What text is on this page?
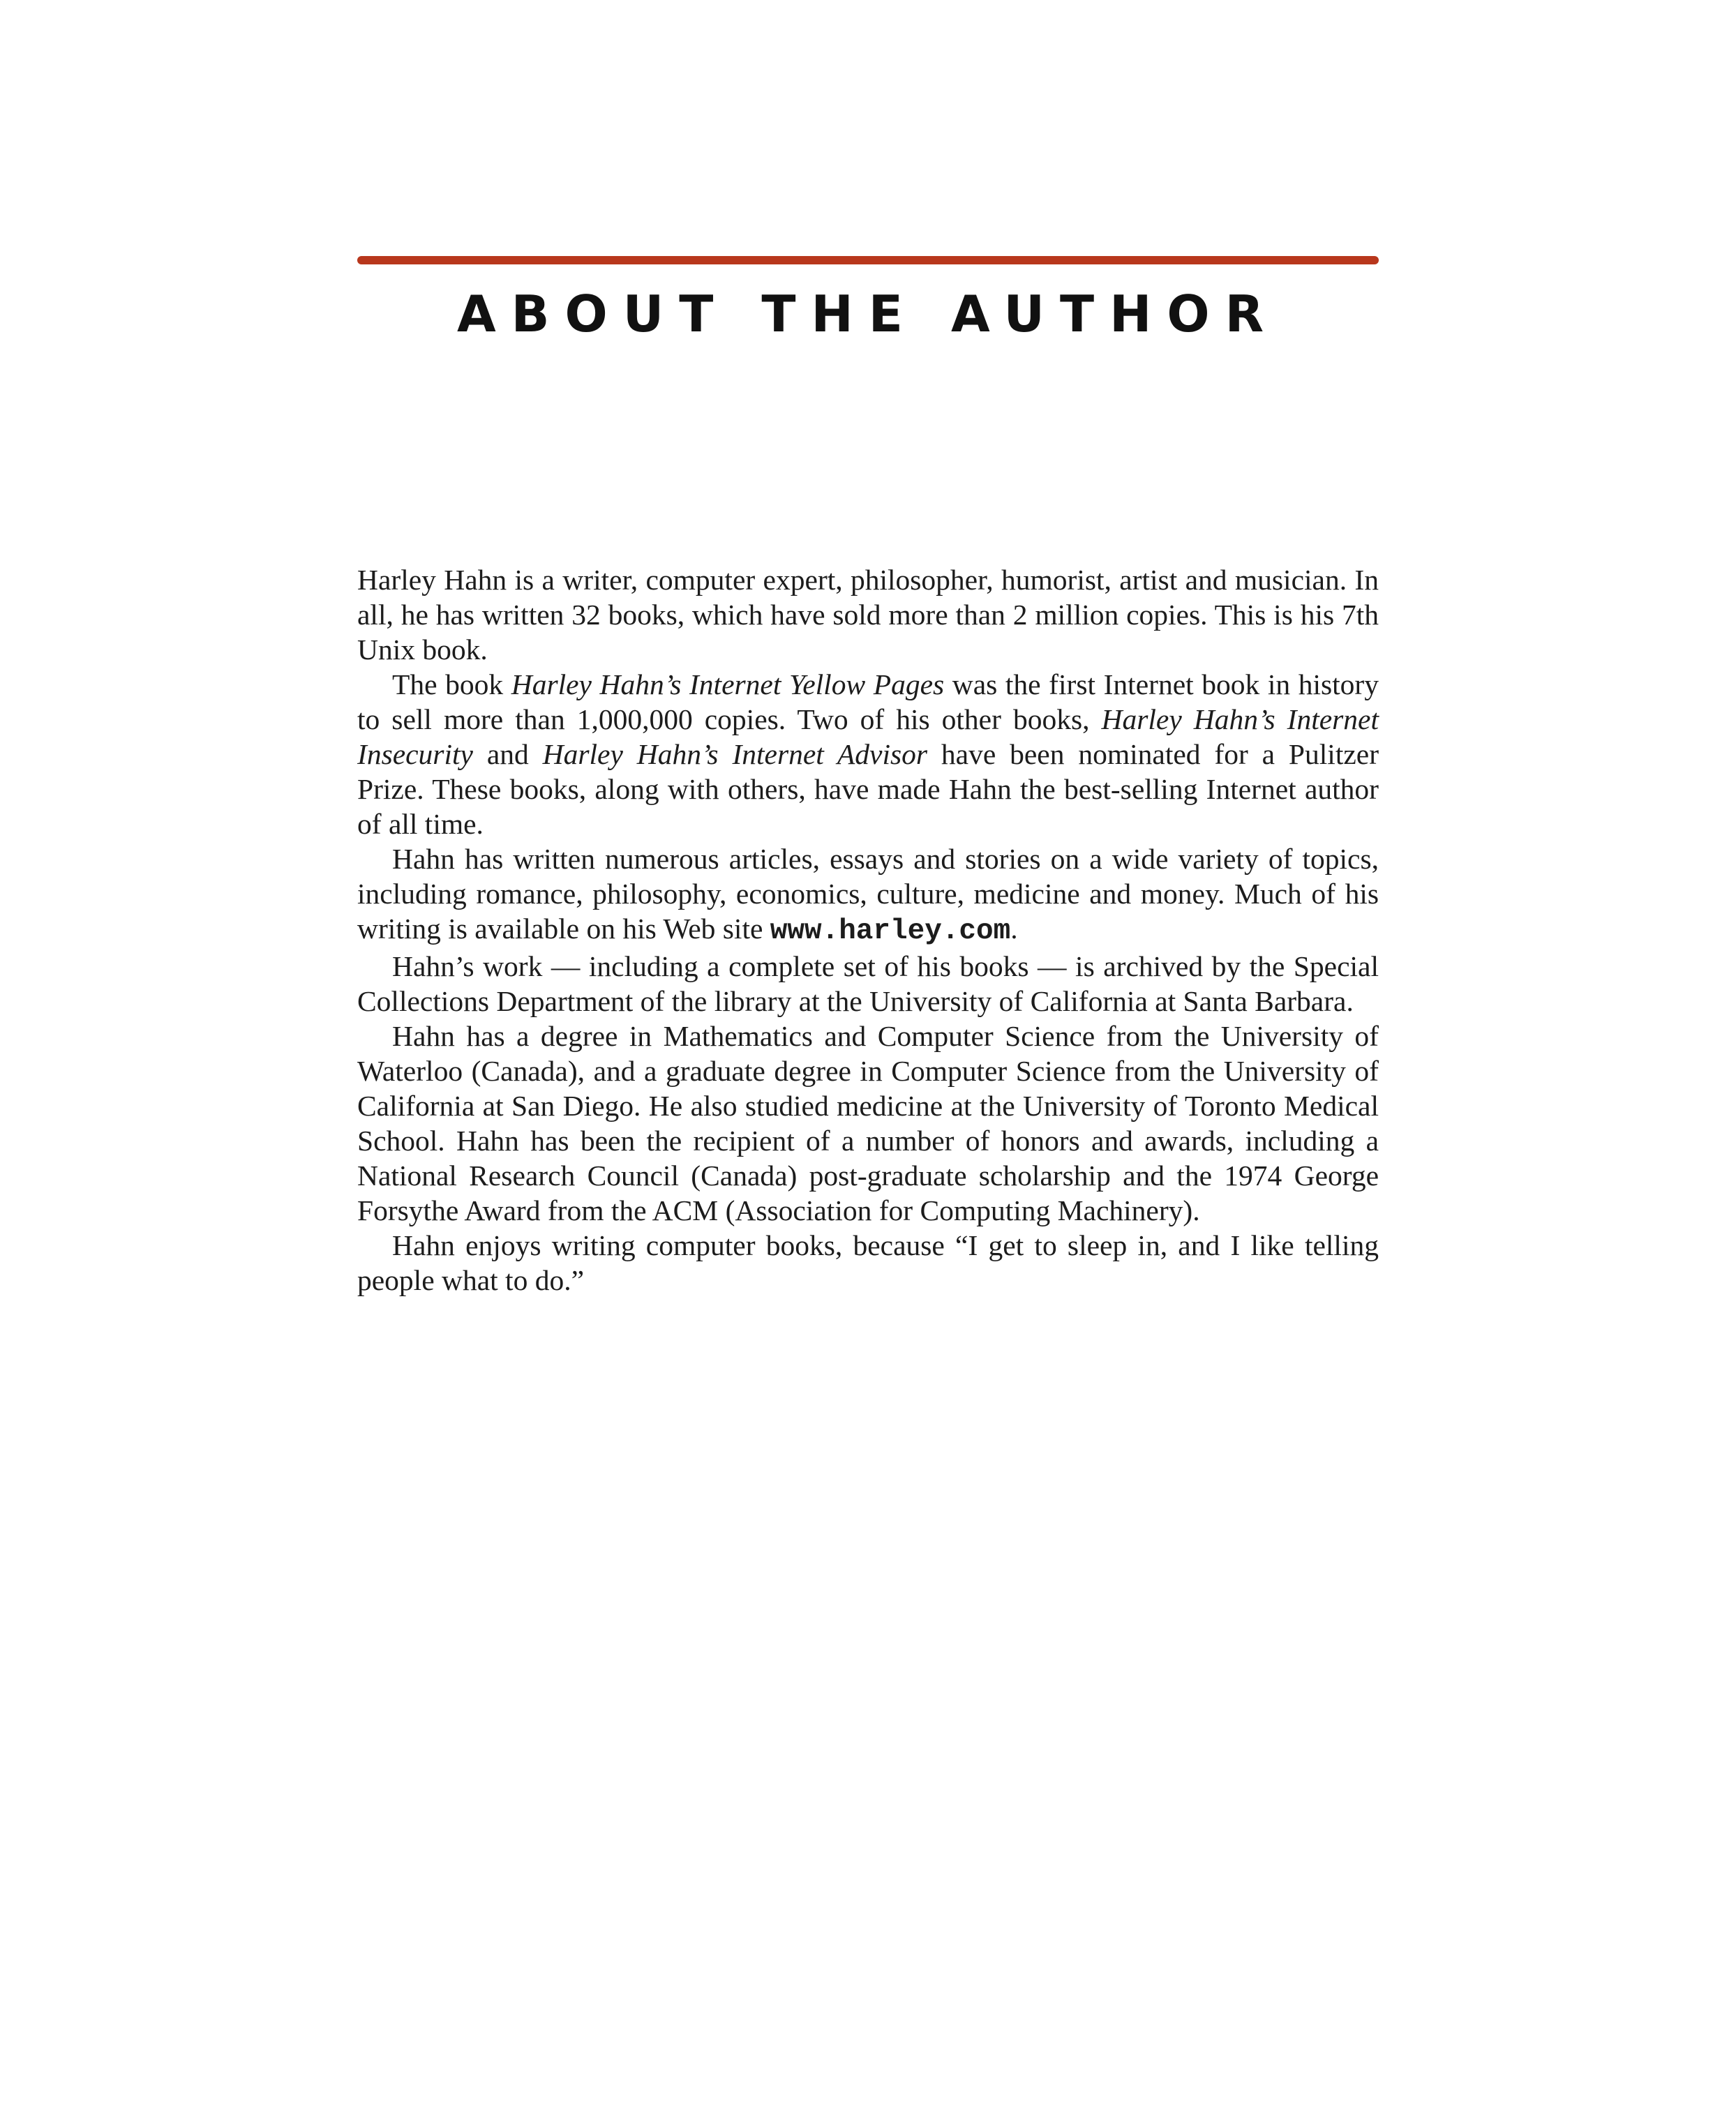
ABOUT THE AUTHOR

Harley Hahn is a writer, computer expert, philosopher, humorist, artist and musician. In all, he has written 32 books, which have sold more than 2 million copies. This is his 7th Unix book.

The book Harley Hahn’s Internet Yellow Pages was the first Internet book in history to sell more than 1,000,000 copies. Two of his other books, Harley Hahn’s Internet Insecurity and Harley Hahn’s Internet Advisor have been nominated for a Pulitzer Prize. These books, along with others, have made Hahn the best-selling Internet author of all time.

Hahn has written numerous articles, essays and stories on a wide variety of topics, including romance, philosophy, economics, culture, medicine and money. Much of his writing is available on his Web site www.harley.com.

Hahn’s work — including a complete set of his books — is archived by the Special Collections Department of the library at the University of California at Santa Barbara.

Hahn has a degree in Mathematics and Computer Science from the University of Waterloo (Canada), and a graduate degree in Computer Science from the University of California at San Diego. He also studied medicine at the University of Toronto Medical School. Hahn has been the recipient of a number of honors and awards, including a National Research Council (Canada) post-graduate scholarship and the 1974 George Forsythe Award from the ACM (Association for Computing Machinery).

Hahn enjoys writing computer books, because “I get to sleep in, and I like telling people what to do.”
